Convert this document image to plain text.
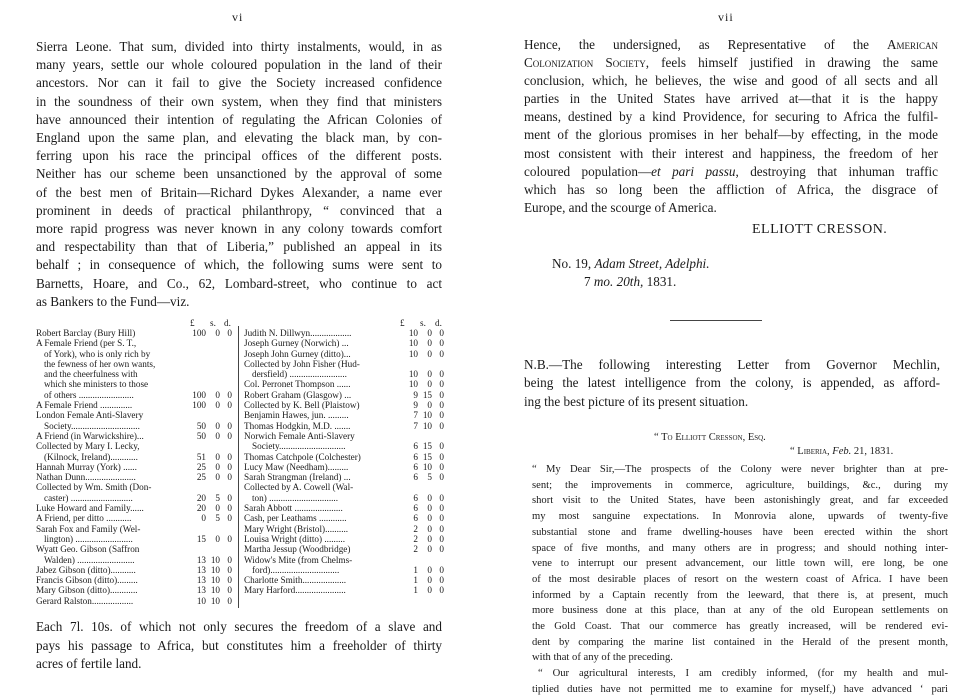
vi
Sierra Leone. That sum, divided into thirty instalments, would, in as
many years, settle our whole coloured population in the land of their
ancestors. Nor can it fail to give the Society increased confidence
in the soundness of their own system, when they find that ministers
have announced their intention of regulating the African Colonies of
England upon the same plan, and elevating the black man, by con-
ferring upon his race the principal offices of the different posts.
Neither has our scheme been unsanctioned by the approval of some
of the best men of Britain—Richard Dykes Alexander, a name ever
prominent in deeds of practical philanthropy, “ convinced that a
more rapid progress was never known in any colony towards comfort
and respectability than that of Liberia,” published an appeal in its
behalf ; in consequence of which, the following sums were sent to
Barnetts, Hoare, and Co., 62, Lombard-street, who continue to act
as Bankers to the Fund—viz.
£ s. d.
Robert Barclay (Bury Hill)	100	0 0
A Female Friend (per S. T.,
of York), who is only rich by
the fewness of her own wants,
and the cheerfulness with
which she ministers to those
of others ........................	100	0 0
A Female Friend ..............	100	0 0
London Female Anti-Slavery
Society..............................	50	0 0
A Friend (in Warwickshire)...	50	0 0
Collected by Mary I. Lecky,
(Kilnock, Ireland)............	51	0 0
Hannah Murray (York) ......	25	0 0
Nathan Dunn......................	25	0 0
Collected by Wm. Smith (Don-
caster) ...........................	20	5 0
Luke Howard and Family......	20	0 0
A Friend, per ditto ...........	0	5 0
Sarah Fox and Family (Wel-
lington) .........................	15	0 0
Wyatt Geo. Gibson (Saffron
Walden) .........................	13 10 0
Jabez Gibson (ditto)...........	13 10 0
Francis Gibson (ditto).........	13 10 0
Mary Gibson (ditto)............	13 10 0
Gerard Ralston..................	10 10 0
£ s. d.
Judith N. Dillwyn..................	10	0 0
Joseph Gurney (Norwich) ...	10	0 0
Joseph John Gurney (ditto)...	10	0 0
Collected by John Fisher (Hud-
dersfield) .........................	10	0 0
Col. Perronet Thompson ......	10	0 0
Robert Graham (Glasgow) ...	9 15 0
Collected by K. Bell (Plaistow)	9	0 0
Benjamin Hawes, jun. .........	7 10 0
Thomas Hodgkin, M.D. .......	7 10 0
Norwich Female Anti-Slavery
Society.............................	6 15 0
Thomas Catchpole (Colchester)	6 15 0
Lucy Maw (Needham).........	6 10 0
Sarah Strangman (Ireland) ...	6	5 0
Collected by A. Cowell (Wal-
ton) ..............................	6	0 0
Sarah Abbott .....................	6	0 0
Cash, per Leathams ............	6	0 0
Mary Wright (Bristol)..........	2	0 0
Louisa Wright (ditto) .........	2	0 0
Martha Jessup (Woodbridge)	2	0 0
Widow's Mite (from Chelms-
ford)..............................	1	0 0
Charlotte Smith...................	1	0 0
Mary Harford......................	1	0 0
Each 7l. 10s. of which not only secures the freedom of a slave and
pays his passage to Africa, but constitutes him a freeholder of thirty
acres of fertile land.
vii
Hence, the undersigned, as Representative of the American
Colonization Society, feels himself justified in drawing the same
conclusion, which, he believes, the wise and good of all sects and all
parties in the United States have arrived at—that it is the happy
means, destined by a kind Providence, for securing to Africa the fulfil-
ment of the glorious promises in her behalf—by effecting, in the mode
most consistent with their interest and happiness, the freedom of her
coloured population—et pari passu, destroying that inhuman traffic
which has so long been the affliction of Africa, the disgrace of
Europe, and the scourge of America.
ELLIOTT CRESSON.
No. 19, Adam Street, Adelphi.
7 mo. 20th, 1831.
N.B.—The following interesting Letter from Governor Mechlin,
being the latest intelligence from the colony, is appended, as afford-
ing the best picture of its present situation.
“ To Elliott Cresson, Esq.
“ Liberia, Feb. 21, 1831.
“ My Dear Sir,—The prospects of the Colony were never brighter than at pre-
sent; the improvements in commerce, agriculture, buildings, &c., during my
short visit to the United States, have been astonishingly great, and far exceeded
my most sanguine expectations. In Monrovia alone, upwards of twenty-five
substantial stone and frame dwelling-houses have been erected within the short
space of five months, and many others are in progress; and should nothing inter-
vene to interrupt our present advancement, our little town will, ere long, be one
of the most desirable places of resort on the western coast of Africa. I have been
informed by a Captain recently from the leeward, that there is, at present, much
more business done at this place, than at any of the old European settlements on
the Gold Coast. That our commerce has greatly increased, will be rendered evi-
dent by comparing the marine list contained in the Herald of the present month,
with that of any of the preceding.
“ Our agricultural interests, I am credibly informed, (for my health and mul-
tiplied duties have not permitted me to examine for myself,) have advanced ‘ pari
